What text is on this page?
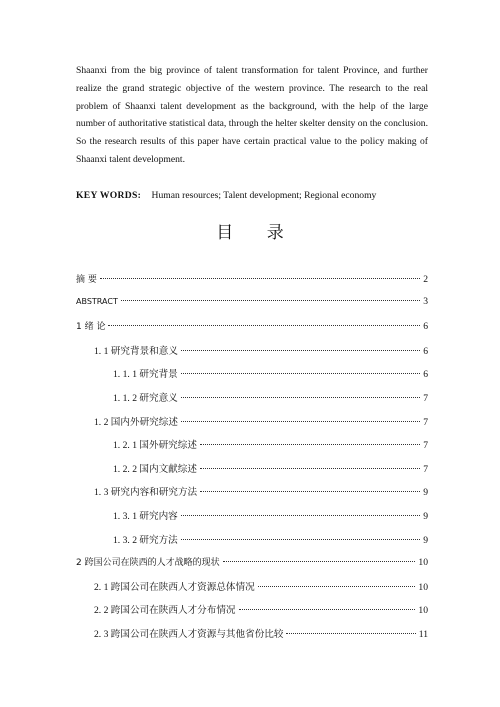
Shaanxi from the big province of talent transformation for talent Province, and further realize the grand strategic objective of the western province. The research to the real problem of Shaanxi talent development as the background, with the help of the large number of authoritative statistical data, through the helter skelter density on the conclusion. So the research results of this paper have certain practical value to the policy making of Shaanxi talent development.

KEY WORDS: Human resources; Talent development; Regional economy
目 录
摘 要	2
ABSTRACT	3
1 绪 论	6
1. 1 研究背景和意义	6
1. 1. 1 研究背景	6
1. 1. 2 研究意义	7
1. 2 国内外研究综述	7
1. 2. 1 国外研究综述	7
1. 2. 2 国内文献综述	7
1. 3 研究内容和研究方法	9
1. 3. 1 研究内容	9
1. 3. 2 研究方法	9
2 跨国公司在陕西的人才战略的现状	10
2. 1 跨国公司在陕西人才资源总体情况	10
2. 2 跨国公司在陕西人才分布情况	10
2. 3 跨国公司在陕西人才资源与其他省份比较	11
